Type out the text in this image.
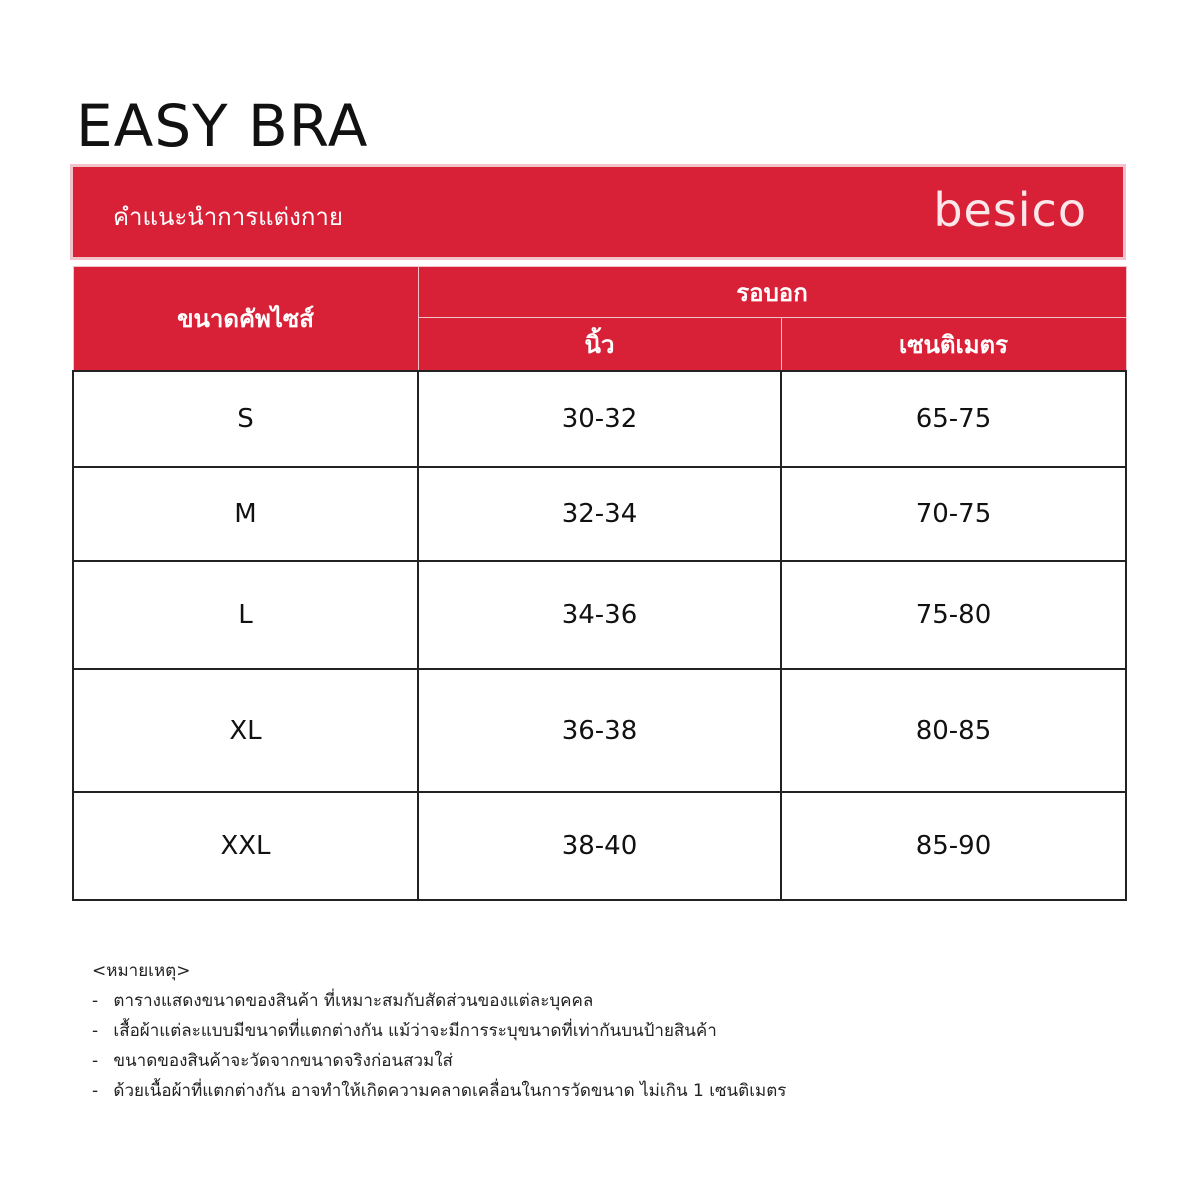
EASY BRA
คำแนะนำการแต่งกาย	besico
ขนาดคัพไซส์	รอบอก	
	นิ้ว	เซนติเมตร
S	30-32	65-75
M	32-34	70-75
L	34-36	75-80
XL	36-38	80-85
XXL	38-40	85-90
<หมายเหตุ>
- ตารางแสดงขนาดของสินค้า ที่เหมาะสมกับสัดส่วนของแต่ละบุคคล
- เสื้อผ้าแต่ละแบบมีขนาดที่แตกต่างกัน แม้ว่าจะมีการระบุขนาดที่เท่ากันบนป้ายสินค้า
- ขนาดของสินค้าจะวัดจากขนาดจริงก่อนสวมใส่
- ด้วยเนื้อผ้าที่แตกต่างกัน อาจทำให้เกิดความคลาดเคลื่อนในการวัดขนาด ไม่เกิน 1 เซนติเมตร
